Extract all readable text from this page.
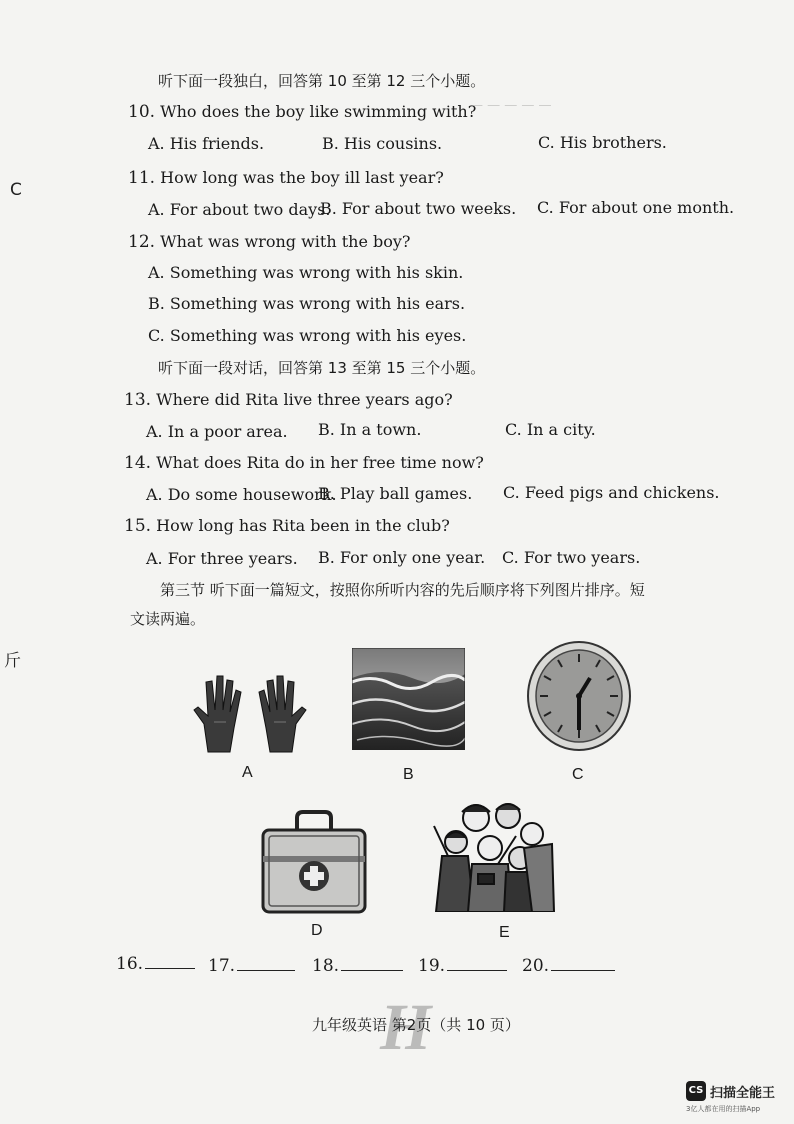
— — — — —
C
斤
听下面一段独白，回答第 10 至第 12 三个小题。
10. Who does the boy like swimming with?
A. His friends.	B. His cousins.	C. His brothers.
11. How long was the boy ill last year?
A. For about two days.
B. For about two weeks. C. For about one month.
12. What was wrong with the boy?
A. Something was wrong with his skin.
B. Something was wrong with his ears.
C. Something was wrong with his eyes.
听下面一段对话，回答第 13 至第 15 三个小题。
13. Where did Rita live three years ago?
A. In a poor area. B. In a town.	C. In a city.
14. What does Rita do in her free time now?
A. Do some housework.
B. Play ball games. C. Feed pigs and chickens.
15. How long has Rita been in the club?
A. For three years. B. For only one year. C. For two years.
第三节 听下面一篇短文，按照你所听内容的先后顺序将下列图片排序。短
文读两遍。
A	B	C
D	E
16.	17.	18.	19.	20.
H
九年级英语 第2页（共 10 页）
CS 扫描全能王
3亿人都在用的扫描App
